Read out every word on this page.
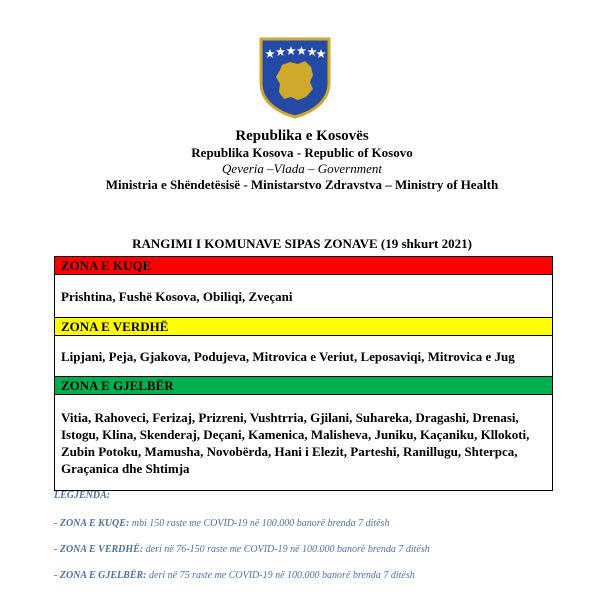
Republika e Kosovës
Republika Kosova - Republic of Kosovo
Qeveria –Vlada – Government
Ministria e Shëndetësisë - Ministarstvo Zdravstva – Ministry of Health
RANGIMI I KOMUNAVE SIPAS ZONAVE (19 shkurt 2021)
ZONA E KUQE
Prishtina, Fushë Kosova, Obiliqi, Zveçani
ZONA E VERDHË
Lipjani, Peja, Gjakova, Podujeva, Mitrovica e Veriut, Leposaviqi, Mitrovica e Jug
ZONA E GJELBËR
Vitia, Rahoveci, Ferizaj, Prizreni, Vushtrria, Gjilani, Suhareka, Dragashi, Drenasi, Istogu, Klina, Skenderaj, Deçani, Kamenica, Malisheva, Juniku, Kaçaniku, Kllokoti, Zubin Potoku, Mamusha, Novobërda, Hani i Elezit, Parteshi, Ranillugu, Shterpca, Graçanica dhe Shtimja
LEGJENDA:
- ZONA E KUQE: mbi 150 raste me COVID-19 në 100.000 banorë brenda 7 ditësh
- ZONA E VERDHË: deri në 76-150 raste me COVID-19 në 100.000 banorë brenda 7 ditësh
- ZONA E GJELBËR: deri në 75 raste me COVID-19 në 100.000 banorë brenda 7 ditësh
